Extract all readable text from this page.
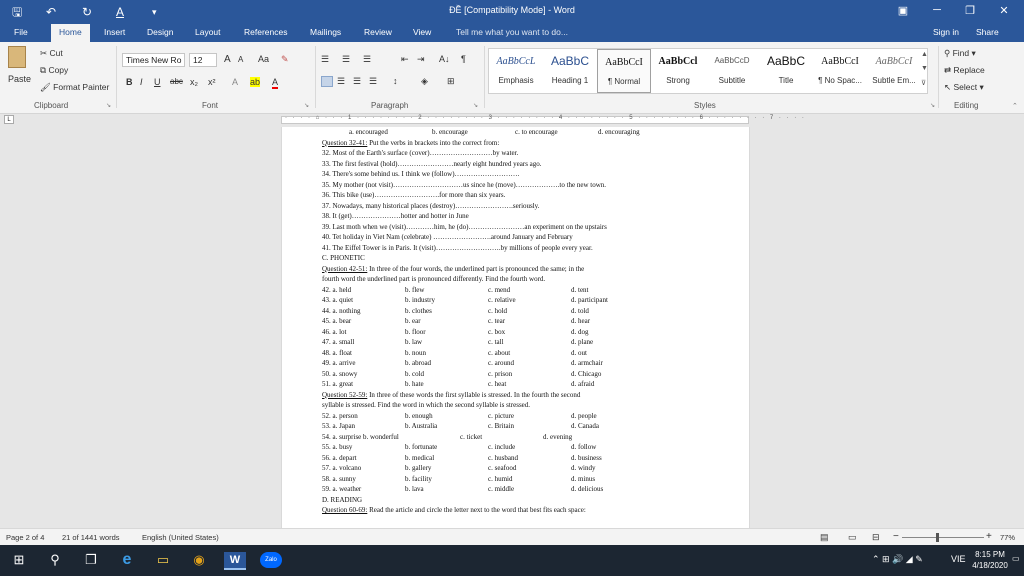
🖫 ↶ ↻ A	▾	ĐỀ [Compatibility Mode] - Word	▣	─	❐	✕
File	Home	Insert	Design	Layout	References	Mailings	Review View	Tell me what you want to do...	Sign in Share
Paste
✂ Cut
⧉ Copy
🖌 Format Painter
Clipboard	↘
Times New Ro	12	A A Aa ✎
B I U abc x₂ x² A ab A
Font	↘
☰ ☰ ☰	⇤ ⇥ A↓ ¶
☰ ☰ ☰ ↕	◈ ⊞
Paragraph	↘
AaBbCcL
Emphasis
AaBbC
Heading 1
AaBbCcI
¶ Normal
AaBbCcl
Strong
AaBbCcD
Subtitle
AaBbC
Title
AaBbCcI
¶ No Spac...
AaBbCcI
Subtle Em...
▲
▼
⊽
Styles	↘
⚲ Find ▾
⇄ Replace
↖ Select ▾
Editing	⌃
L	· · · · ⌂ · · · 1 · · · · · · · · 2 · · · · · · · · 3 · · · · · · · · 4 · · · · · · · · 5 · · · · · · · · 6 · · · · · · · · 7 · · · ·
a. encouraged	b. encourage	c. to encourage	d. encouraging
Question 32-41: Put the verbs in brackets into the correct from:
32. Most of the Earth's surface (cover)………………………by water.
33. The first festival (hold)……………………nearly eight hundred years ago.
34. There's some behind us. I think we (follow)……………………….
35. My mother (not visit)…………………………us since he (move)……………….to the new town.
36. This bike (use)……………………….for more than six years.
37. Nowadays, many historical places (destroy)…………………….seriously.
38. It (get)…………………hotter and hotter in June
39. Last moth when we (visit)…………him, he (do)……………………an experiment on the upstairs
40. Tet holiday in Viet Nam (celebrate) …………………….around January and February
41. The Eiffel Tower is in Paris. It (visit)……………………….by millions of people every year.
C. PHONETIC
Question 42-51: In three of the four words, the underlined part is pronounced the same; in the
fourth word the underlined part is pronounced differently. Find the fourth word.
42. a. held	b. flew	c. mend	d. tent
43. a. quiet	b. industry	c. relative	d. participant
44. a. nothing	b. clothes	c. hold	d. told
45. a. bear	b. ear	c. tear	d. hear
46. a. lot	b. floor	c. box	d. dog
47. a. small	b. law	c. tall	d. plane
48. a. float	b. noun	c. about	d. out
49. a. arrive	b. abroad	c. around	d. armchair
50. a. snowy	b. cold	c. prison	d. Chicago
51. a. great	b. hate	c. heat	d. afraid
Question 52-59: In three of these words the first syllable is stressed. In the fourth the second
syllable is stressed. Find the word in which the second syllable is stressed.
52. a. person	b. enough	c. picture	d. people
53. a. Japan	b. Australia	c. Britain	d. Canada
54. a. surprise b. wonderful	c. ticket	d. evening
55. a. busy	b. fortunate	c. include	d. follow
56. a. depart	b. medical	c. husband	d. business
57. a. volcano	b. gallery	c. seafood	d. windy
58. a. sunny	b. facility	c. humid	d. minus
59. a. weather	b. lava	c. middle	d. delicious
D. READING
Question 60-69: Read the article and circle the letter next to the word that best fits each space:
Page 2 of 4 21 of 1441 words	English (United States)	▤ ▭ ⊟ −	+ 77%
⊞	⚲	❐	e	▭	◉	W	Zalo	⌃ ⊞ 🔊 ◢ ✎	VIE	8:15 PM
4/18/2020
▭
